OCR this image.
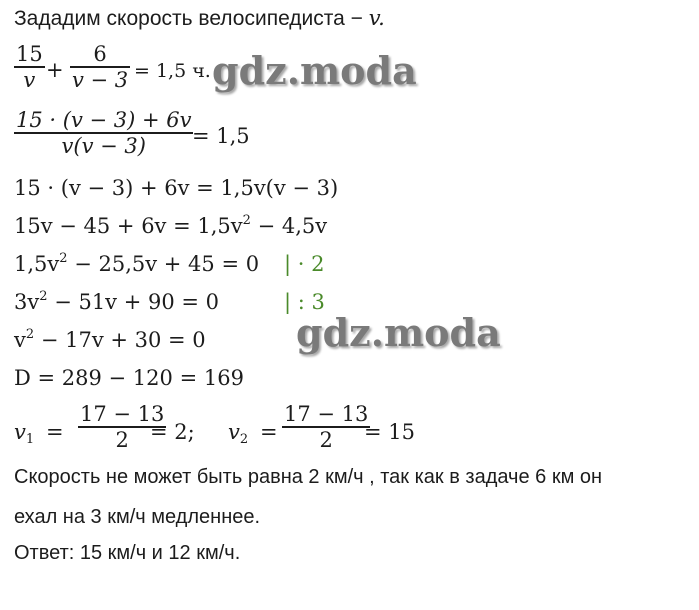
Зададим скорость велосипедиста − v.
15
v +
6
v − 3 = 1,5 ч. gdz.moda
15 · (v − 3) + 6v
v(v − 3) = 1,5
15 · (v − 3) + 6v = 1,5v(v − 3)
$15v - 45 + 6v = 1,5v^2 - 4,5v$
$1,5v^2 - 25,5v + 45 = 0$ | · 2
$3v^2 - 51v + 90 = 0$	| : 3
gdz.moda
$v^2 - 17v + 30 = 0$
D = 289 − 120 = 169
$v_1$ =
17 − 13
2 = 2; $v_2$ =
17 − 13
2 = 15
Скорость не может быть равна 2 км/ч , так как в задаче 6 км он
ехал на 3 км/ч медленнее.
Ответ: 15 км/ч и 12 км/ч.
